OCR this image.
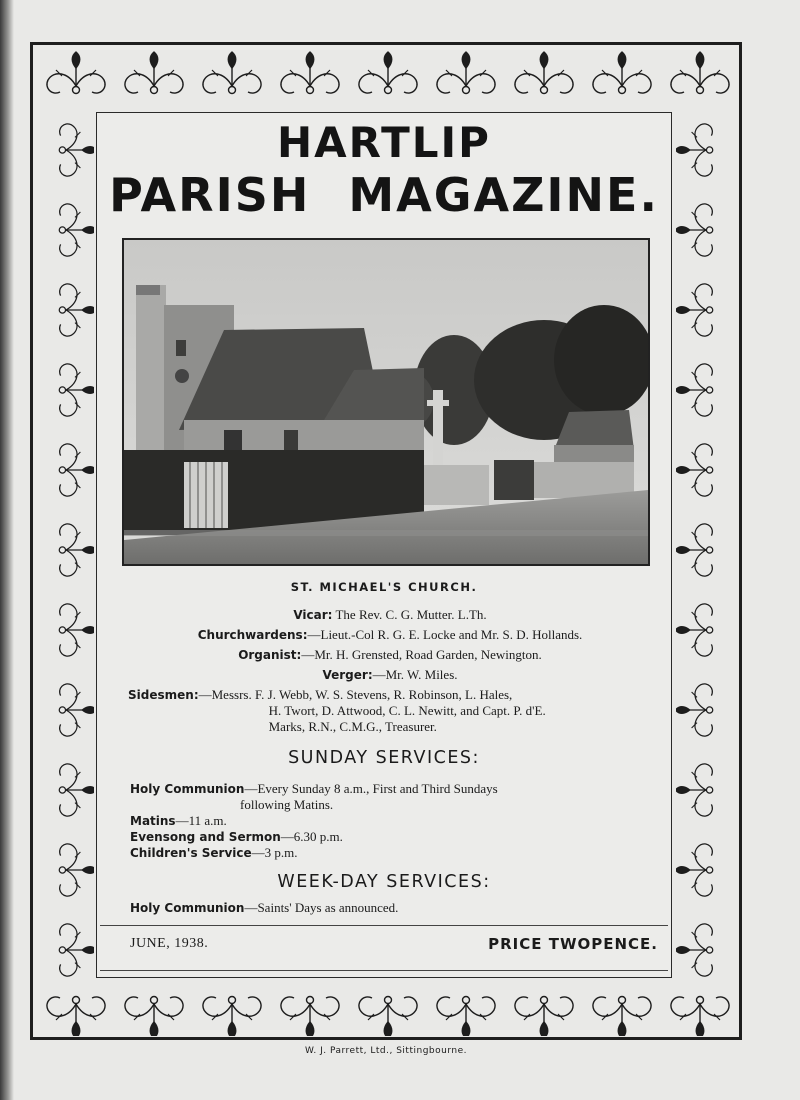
HARTLIP
PARISH MAGAZINE.
ST. MICHAEL'S CHURCH.
Vicar: The Rev. C. G. Mutter. L.Th.
Churchwardens:—Lieut.-Col R. G. E. Locke and Mr. S. D. Hollands.
Organist:—Mr. H. Grensted, Road Garden, Newington.
Verger:—Mr. W. Miles.
Sidesmen: —Messrs. F. J. Webb, W. S. Stevens, R. Robinson, L. Hales,
H. Twort, D. Attwood, C. L. Newitt, and Capt. P. d'E.
Marks, R.N., C.M.G., Treasurer.
SUNDAY SERVICES:
Holy Communion—Every Sunday 8 a.m., First and Third Sundays
following Matins.
Matins—11 a.m.
Evensong and Sermon—6.30 p.m.
Children's Service—3 p.m.
WEEK-DAY SERVICES:
Holy Communion—Saints' Days as announced.
JUNE, 1938.	PRICE TWOPENCE.
W. J. Parrett, Ltd., Sittingbourne.
